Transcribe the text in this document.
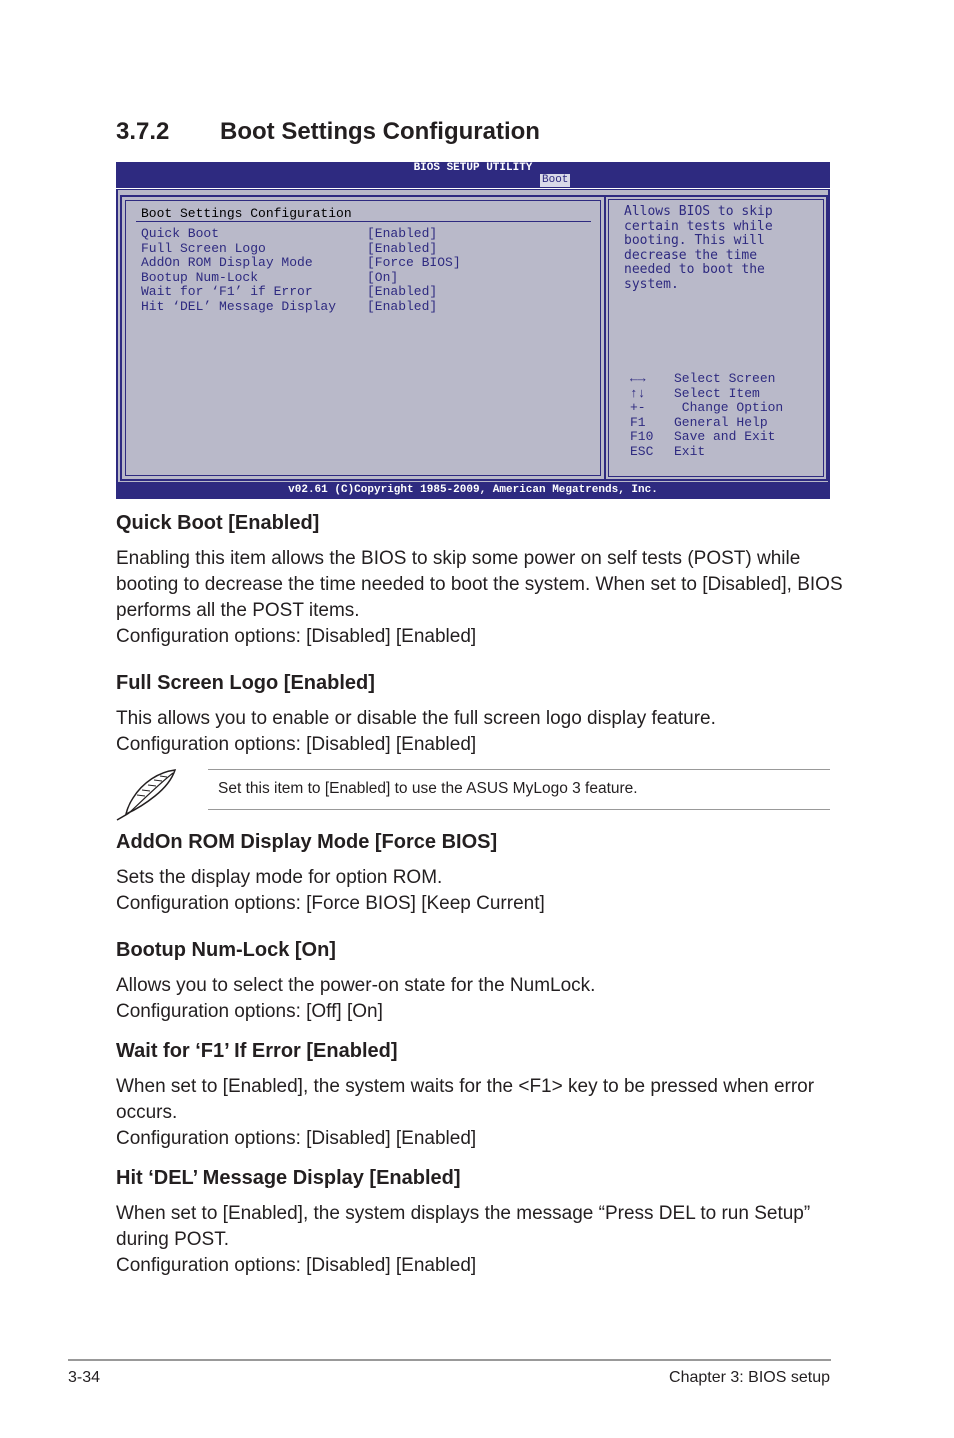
3.7.2 Boot Settings Configuration
BIOS SETUP UTILITY
Boot
Boot Settings Configuration
Quick Boot	[Enabled]
Full Screen Logo	[Enabled]
AddOn ROM Display Mode	[Force BIOS]
Bootup Num-Lock	[On]
Wait for ‘F1’ if Error	[Enabled]
Hit ‘DEL’ Message Display [Enabled]
Allows BIOS to skip
certain tests while
booting. This will
decrease the time
needed to boot the
system.
←→ Select Screen
↑↓ Select Item
+- Change Option
F1 General Help
F10 Save and Exit
ESC Exit
v02.61 (C)Copyright 1985-2009, American Megatrends, Inc.
Quick Boot [Enabled]

Enabling this item allows the BIOS to skip some power on self tests (POST) while booting to decrease the time needed to boot the system. When set to [Disabled], BIOS performs all the POST items.

Configuration options: [Disabled] [Enabled]

Full Screen Logo [Enabled]

This allows you to enable or disable the full screen logo display feature.

Configuration options: [Disabled] [Enabled]

Set this item to [Enabled] to use the ASUS MyLogo 3 feature.
AddOn ROM Display Mode [Force BIOS]

Sets the display mode for option ROM.

Configuration options: [Force BIOS] [Keep Current]

Bootup Num-Lock [On]

Allows you to select the power-on state for the NumLock.

Configuration options: [Off] [On]

Wait for ‘F1’ If Error [Enabled]

When set to [Enabled], the system waits for the <F1> key to be pressed when error occurs.

Configuration options: [Disabled] [Enabled]

Hit ‘DEL’ Message Display [Enabled]

When set to [Enabled], the system displays the message “Press DEL to run Setup” during POST.

Configuration options: [Disabled] [Enabled]

3-34	Chapter 3: BIOS setup
